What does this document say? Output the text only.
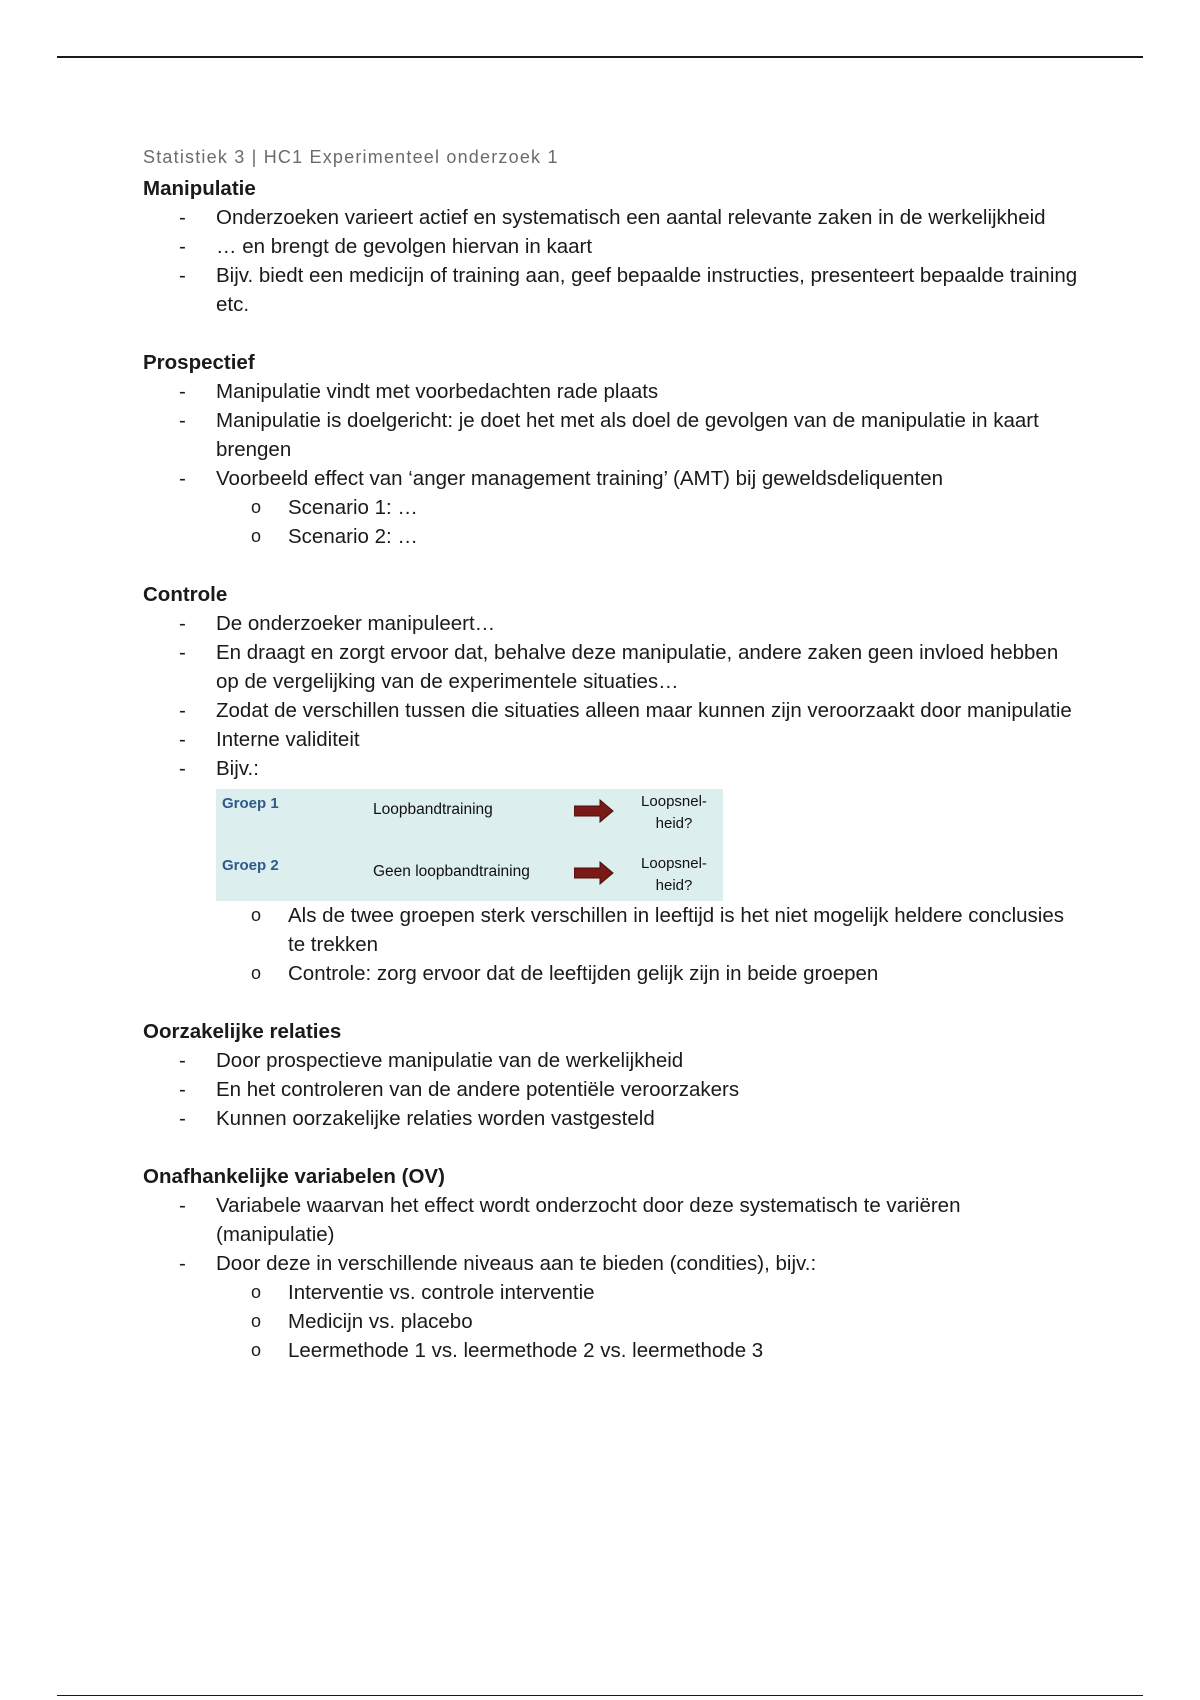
Statistiek 3 | HC1 Experimenteel onderzoek 1
Manipulatie
- Onderzoeken varieert actief en systematisch een aantal relevante zaken in de werkelijkheid
- … en brengt de gevolgen hiervan in kaart
- Bijv. biedt een medicijn of training aan, geef bepaalde instructies, presenteert bepaalde training etc.
Prospectief
- Manipulatie vindt met voorbedachten rade plaats
- Manipulatie is doelgericht: je doet het met als doel de gevolgen van de manipulatie in kaart brengen
- Voorbeeld effect van ‘anger management training’ (AMT) bij geweldsdeliquenten
o Scenario 1: …
o Scenario 2: …
Controle
- De onderzoeker manipuleert…
- En draagt en zorgt ervoor dat, behalve deze manipulatie, andere zaken geen invloed hebben op de vergelijking van de experimentele situaties…
- Zodat de verschillen tussen die situaties alleen maar kunnen zijn veroorzaakt door manipulatie
- Interne validiteit
- Bijv.:
Groep 1	Loopbandtraining	Loopsnel-
heid?
Groep 2	Geen loopbandtraining	Loopsnel-
heid?
o Als de twee groepen sterk verschillen in leeftijd is het niet mogelijk heldere conclusies te trekken
o Controle: zorg ervoor dat de leeftijden gelijk zijn in beide groepen
Oorzakelijke relaties
- Door prospectieve manipulatie van de werkelijkheid
- En het controleren van de andere potentiële veroorzakers
- Kunnen oorzakelijke relaties worden vastgesteld
Onafhankelijke variabelen (OV)
- Variabele waarvan het effect wordt onderzocht door deze systematisch te variëren (manipulatie)
- Door deze in verschillende niveaus aan te bieden (condities), bijv.:
o Interventie vs. controle interventie
o Medicijn vs. placebo
o Leermethode 1 vs. leermethode 2 vs. leermethode 3
